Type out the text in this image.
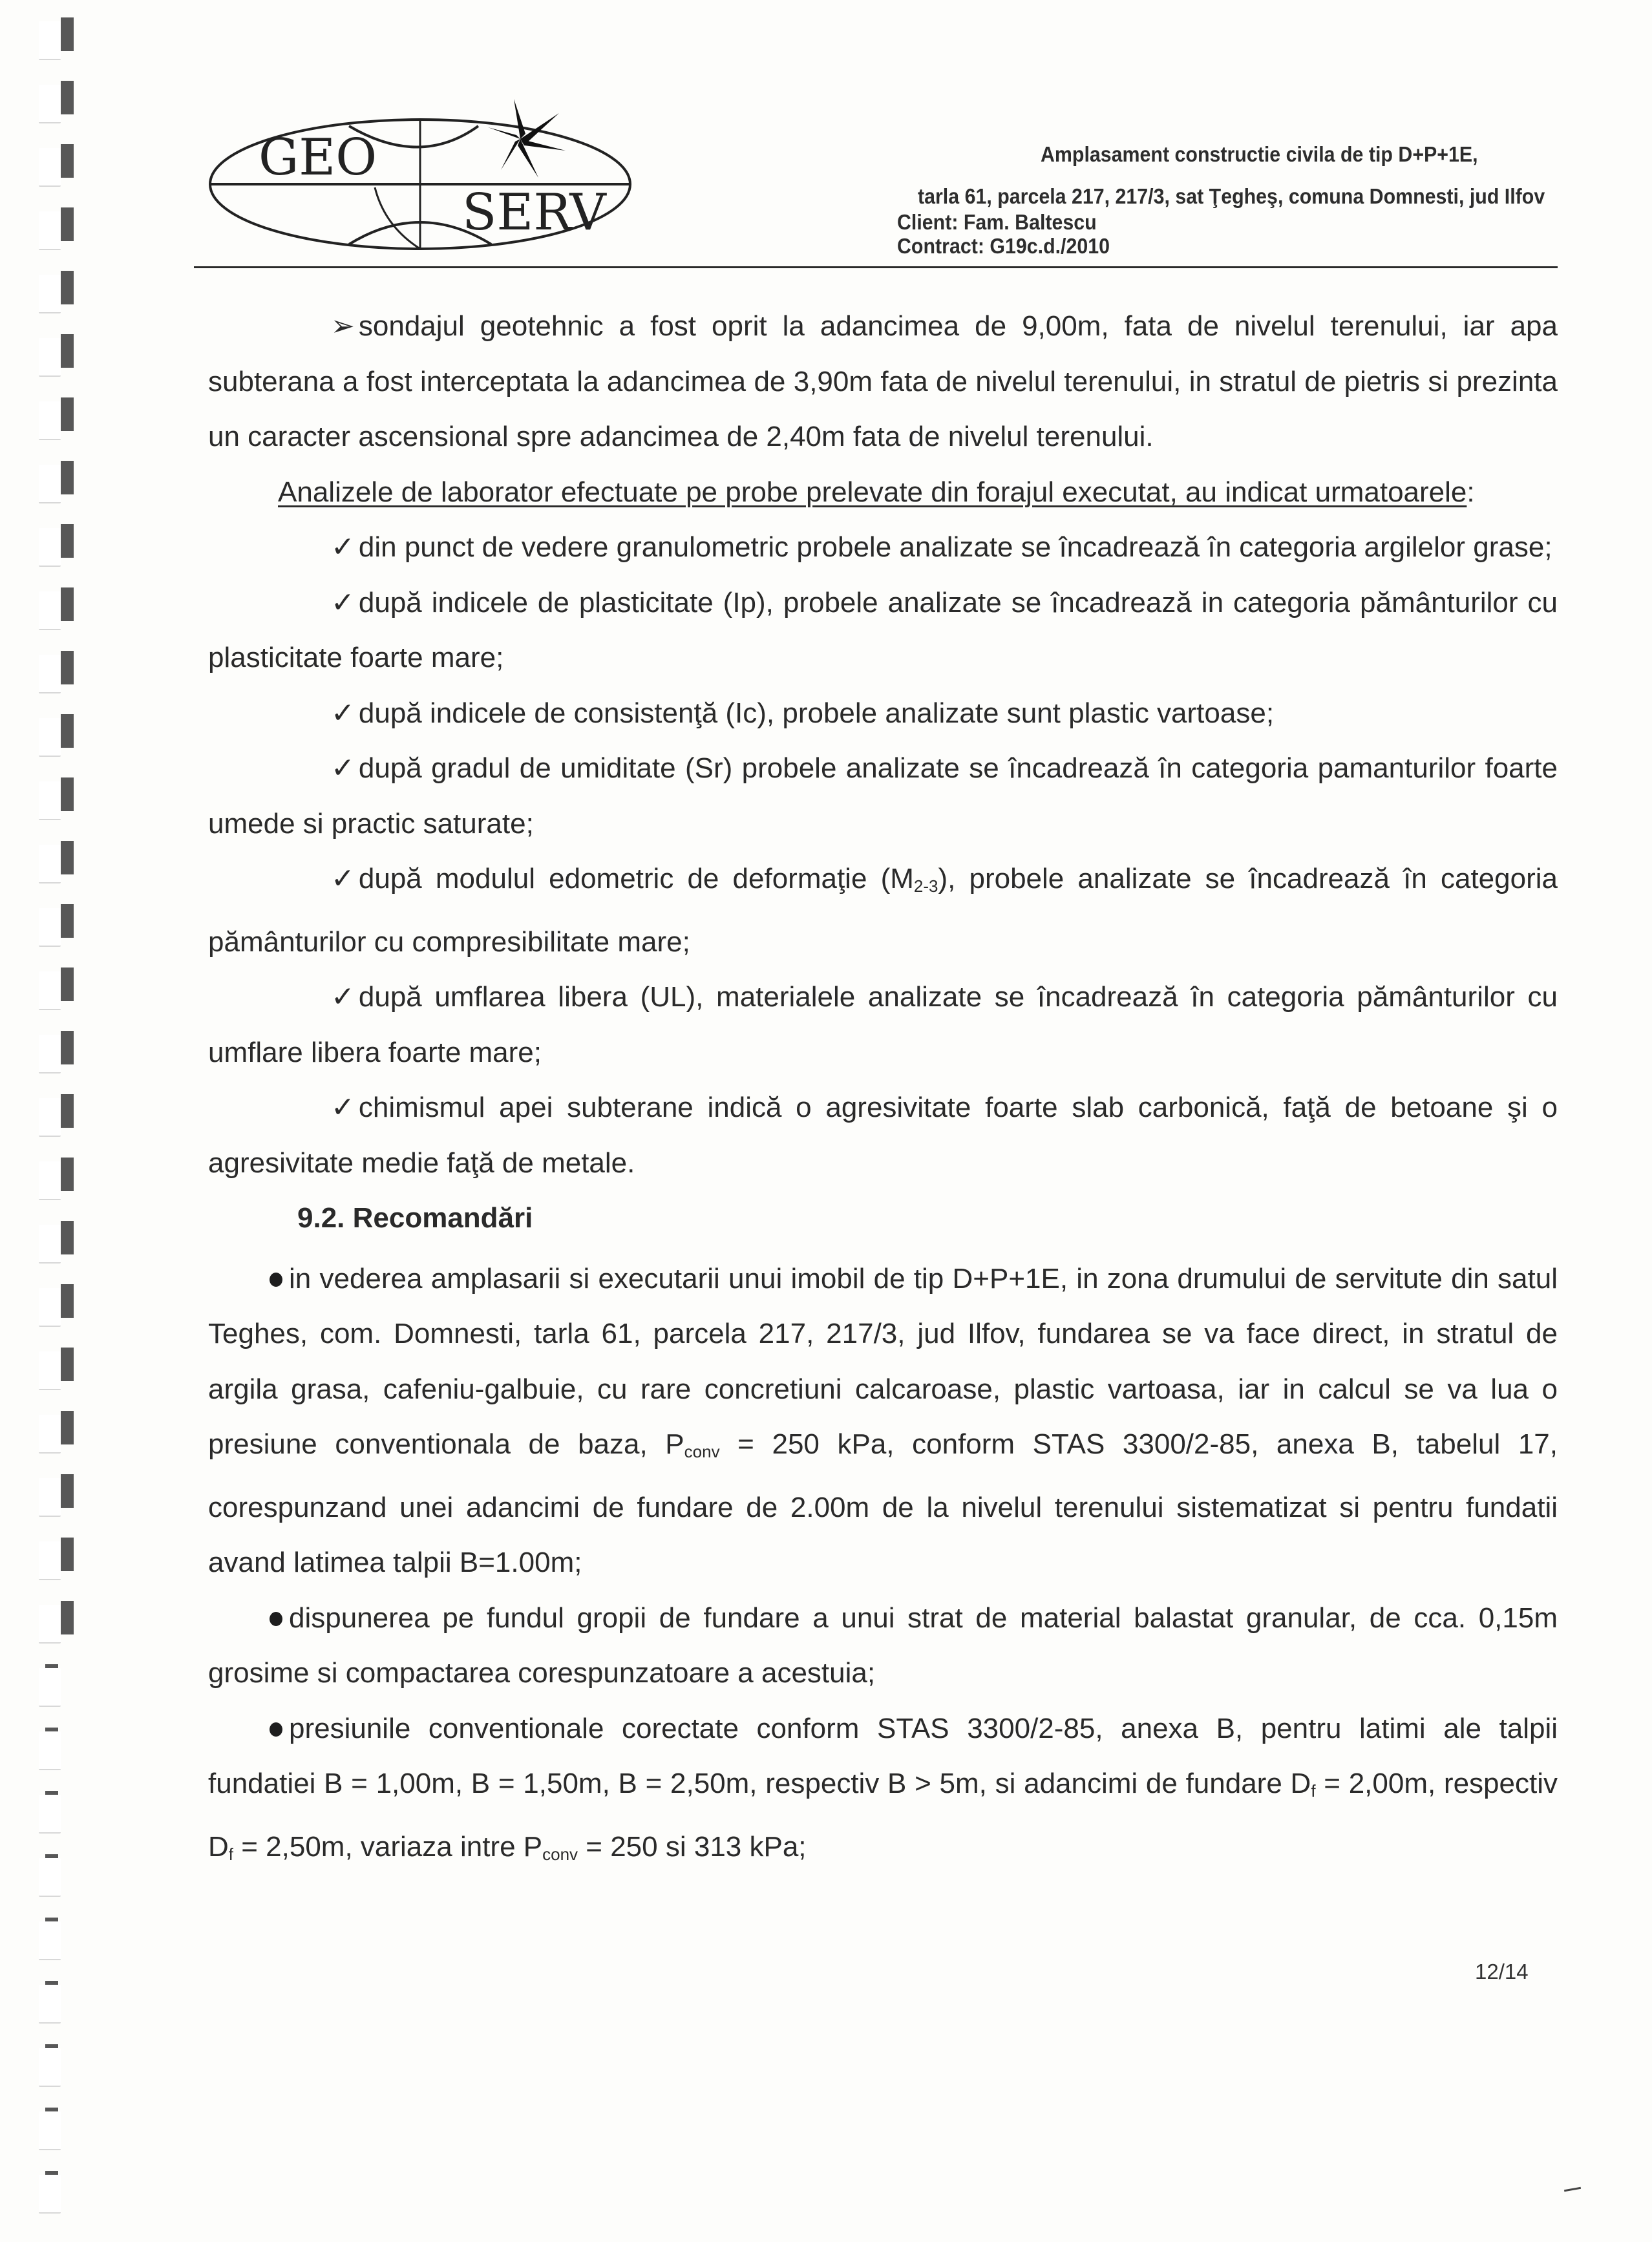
GEO
SERV
Amplasament constructie civila de tip D+P+1E,
tarla 61, parcela 217, 217/3, sat Ţegheş, comuna Domnesti, jud Ilfov
Client: Fam. Baltescu
Contract: G19c.d./2010

➢ sondajul geotehnic a fost oprit la adancimea de 9,00m, fata de nivelul terenului, iar apa subterana a fost interceptata la adancimea de 3,90m fata de nivelul terenului, in stratul de pietris si prezinta un caracter ascensional spre adancimea de 2,40m fata de nivelul terenului.

Analizele de laborator efectuate pe probe prelevate din forajul executat, au indicat urmatoarele:

✓ din punct de vedere granulometric probele analizate se încadrează în categoria argilelor grase;

✓ după indicele de plasticitate (Ip), probele analizate se încadrează in categoria pământurilor cu plasticitate foarte mare;

✓ după indicele de consistenţă (Ic), probele analizate sunt plastic vartoase;

✓ după gradul de umiditate (Sr) probele analizate se încadrează în categoria pamanturilor foarte umede si practic saturate;

✓ după modulul edometric de deformaţie $(M_{2-3})$, probele analizate se încadrează în categoria pământurilor cu compresibilitate mare;

✓ după umflarea libera (UL), materialele analizate se încadrează în categoria pământurilor cu umflare libera foarte mare;

✓ chimismul apei subterane indică o agresivitate foarte slab carbonică, faţă de betoane şi o agresivitate medie faţă de metale.

9.2. Recomandări

in vederea amplasarii si executarii unui imobil de tip D+P+1E, in zona drumului de servitute din satul Teghes, com. Domnesti, tarla 61, parcela 217, 217/3, jud Ilfov, fundarea se va face direct, in stratul de argila grasa, cafeniu-galbuie, cu rare concretiuni calcaroase, plastic vartoasa, iar in calcul se va lua o presiune conventionala de baza, $P_{conv} = 250$ kPa, conform STAS 3300/2-85, anexa B, tabelul 17, corespunzand unei adancimi de fundare de 2.00m de la nivelul terenului sistematizat si pentru fundatii avand latimea talpii B=1.00m;

dispunerea pe fundul gropii de fundare a unui strat de material balastat granular, de cca. 0,15m grosime si compactarea corespunzatoare a acestuia;

presiunile conventionale corectate conform STAS 3300/2-85, anexa B, pentru latimi ale talpii fundatiei B = 1,00m, B = 1,50m, B = 2,50m, respectiv B > 5m, si adancimi de fundare $D_f = 2,00m$, respectiv $D_f = 2,50m$, variaza intre $P_{conv} = 250$ si 313 kPa;

12/14
